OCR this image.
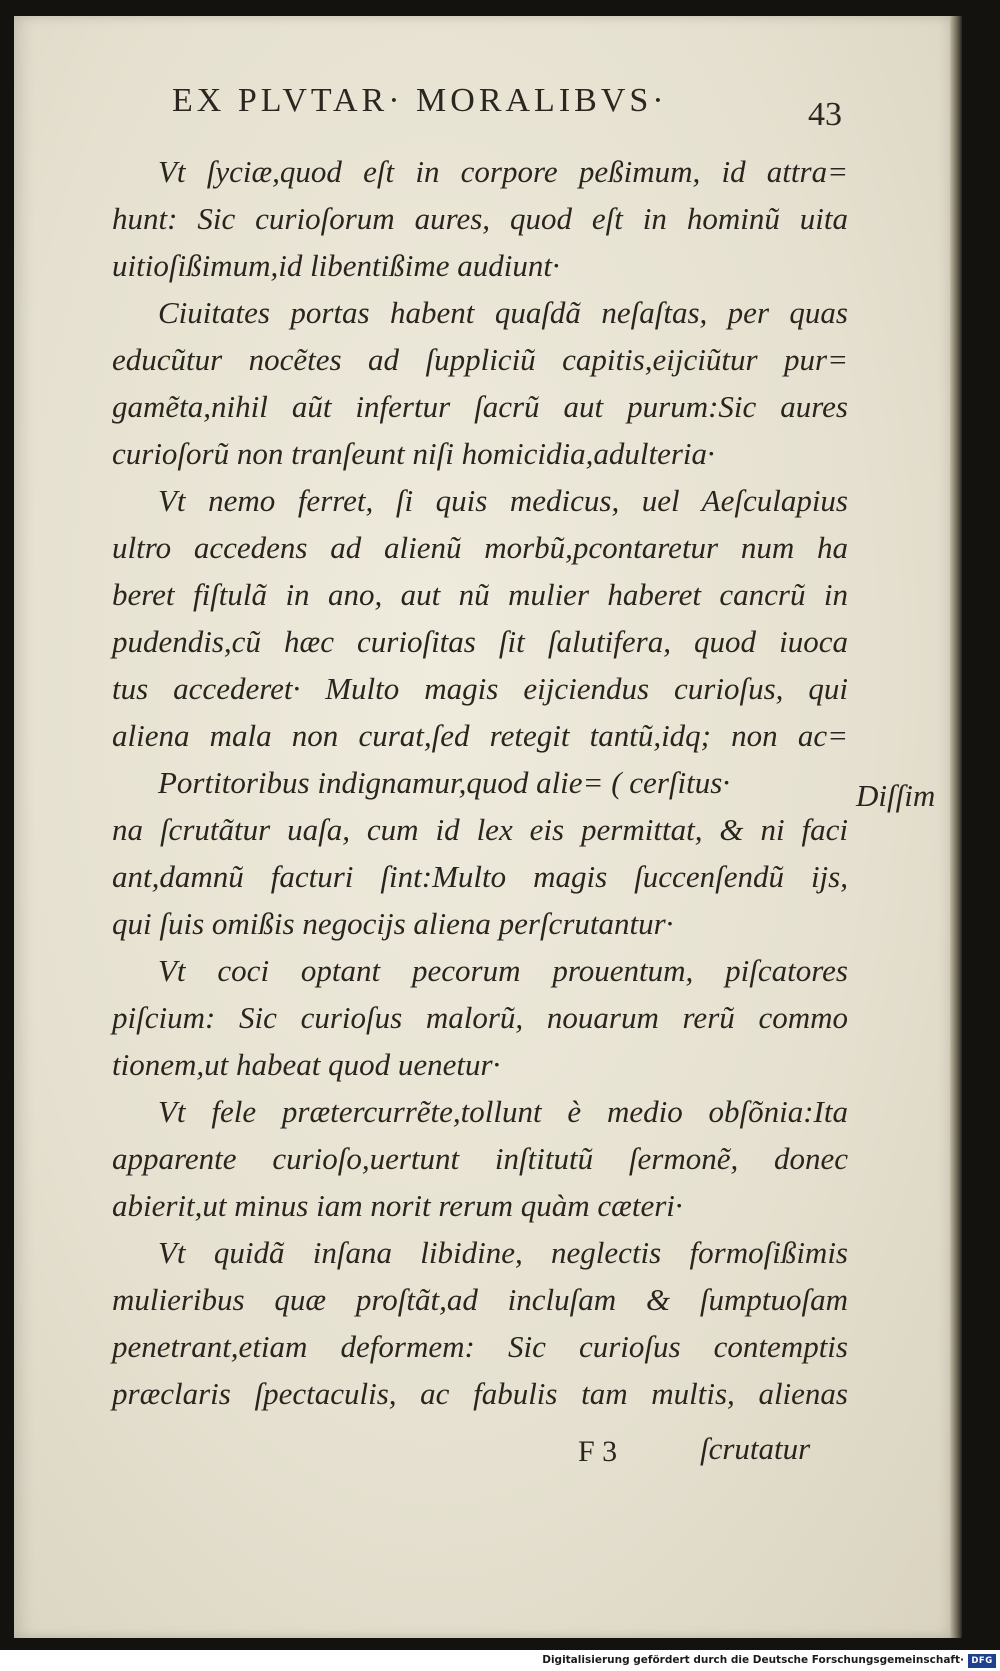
EX PLVTAR· MORALIBVS·	43
Vt ſyciæ,quod eſt in corpore peßimum, id attra=
hunt: Sic curioſorum aures, quod eſt in hominũ uita
uitioſißimum,id libentißime audiunt·
Ciuitates portas habent quaſdã neſaſtas, per quas
educũtur nocẽtes ad ſuppliciũ capitis,eijciũtur pur=
gamẽta,nihil aũt infertur ſacrũ aut purum:Sic aures
curioſorũ non tranſeunt niſi homicidia,adulteria·
Vt nemo ferret, ſi quis medicus, uel Aeſculapius
ultro accedens ad alienũ morbũ,pcontaretur num ha
beret fiſtulã in ano, aut nũ mulier haberet cancrũ in
pudendis,cũ hæc curioſitas ſit ſalutifera, quod iuoca
tus accederet· Multo magis eijciendus curioſus, qui
aliena mala non curat,ſed retegit tantũ,idq; non ac=
Portitoribus indignamur,quod alie= ( cerſitus·
na ſcrutãtur uaſa, cum id lex eis permittat, & ni faci
ant,damnũ facturi ſint:Multo magis ſuccenſendũ ijs,
qui ſuis omißis negocijs aliena perſcrutantur·
Vt coci optant pecorum prouentum, piſcatores
piſcium: Sic curioſus malorũ, nouarum rerũ commo
tionem,ut habeat quod uenetur·
Vt fele prætercurrẽte,tollunt è medio obſõnia:Ita
apparente curioſo,uertunt inſtitutũ ſermonẽ, donec
abierit,ut minus iam norit rerum quàm cæteri·
Vt quidã inſana libidine, neglectis formoſißimis
mulieribus quæ proſtãt,ad incluſam & ſumptuoſam
penetrant,etiam deformem: Sic curioſus contemptis
præclaris ſpectaculis, ac fabulis tam multis, alienas
Diſſim
F 3	ſcrutatur
Digitalisierung gefördert durch die Deutsche Forschungsgemeinschaft· DFG
